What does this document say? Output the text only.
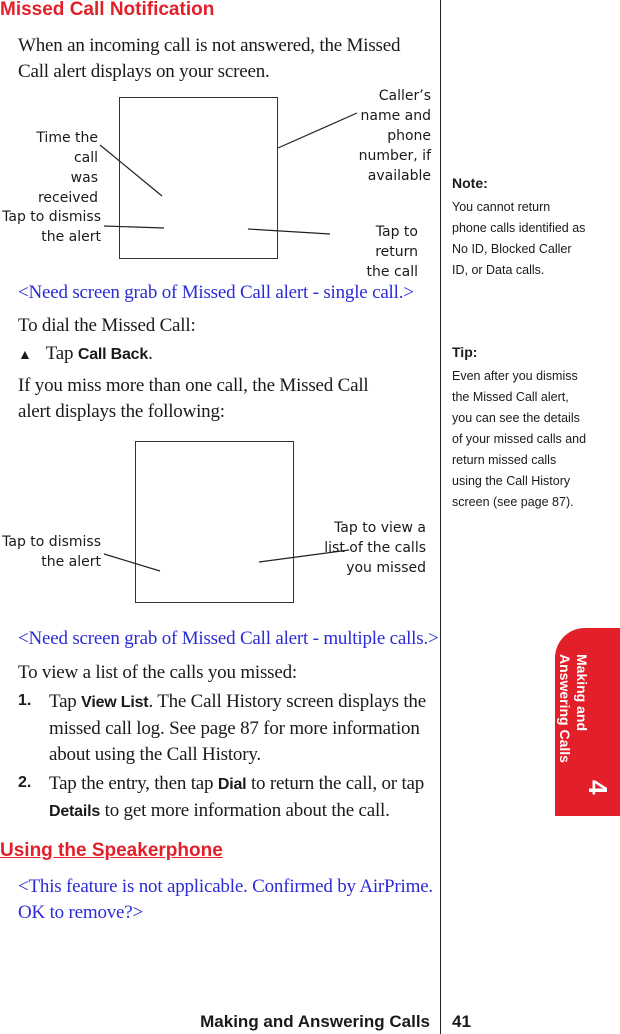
Missed Call Notification
When an incoming call is not answered, the Missed Call alert displays on your screen.
Time the call
was received
Caller’s
name and
phone
number, if
available
Tap to dismiss
the alert	Tap to return
the call
<Need screen grab of Missed Call alert - single call.>
To dial the Missed Call:
▲ Tap Call Back.
If you miss more than one call, the Missed Call alert displays the following:
Tap to dismiss
the alert
Tap to view a
list of the calls
you missed
<Need screen grab of Missed Call alert - multiple calls.>
To view a list of the calls you missed:
1. Tap View List. The Call History screen displays the
missed call log. See page 87 for more information
about using the Call History.
2. Tap the entry, then tap Dial to return the call, or tap
Details to get more information about the call.
Using the Speakerphone
<This feature is not applicable. Confirmed by AirPrime. OK to remove?>
Note:
You cannot return
phone calls identified as
No ID, Blocked Caller
ID, or Data calls.
Tip:
Even after you dismiss
the Missed Call alert,
you can see the details
of your missed calls and
return missed calls
using the Call History
screen (see page 87).
Making and
Answering Calls
4
Making and Answering Calls 41
